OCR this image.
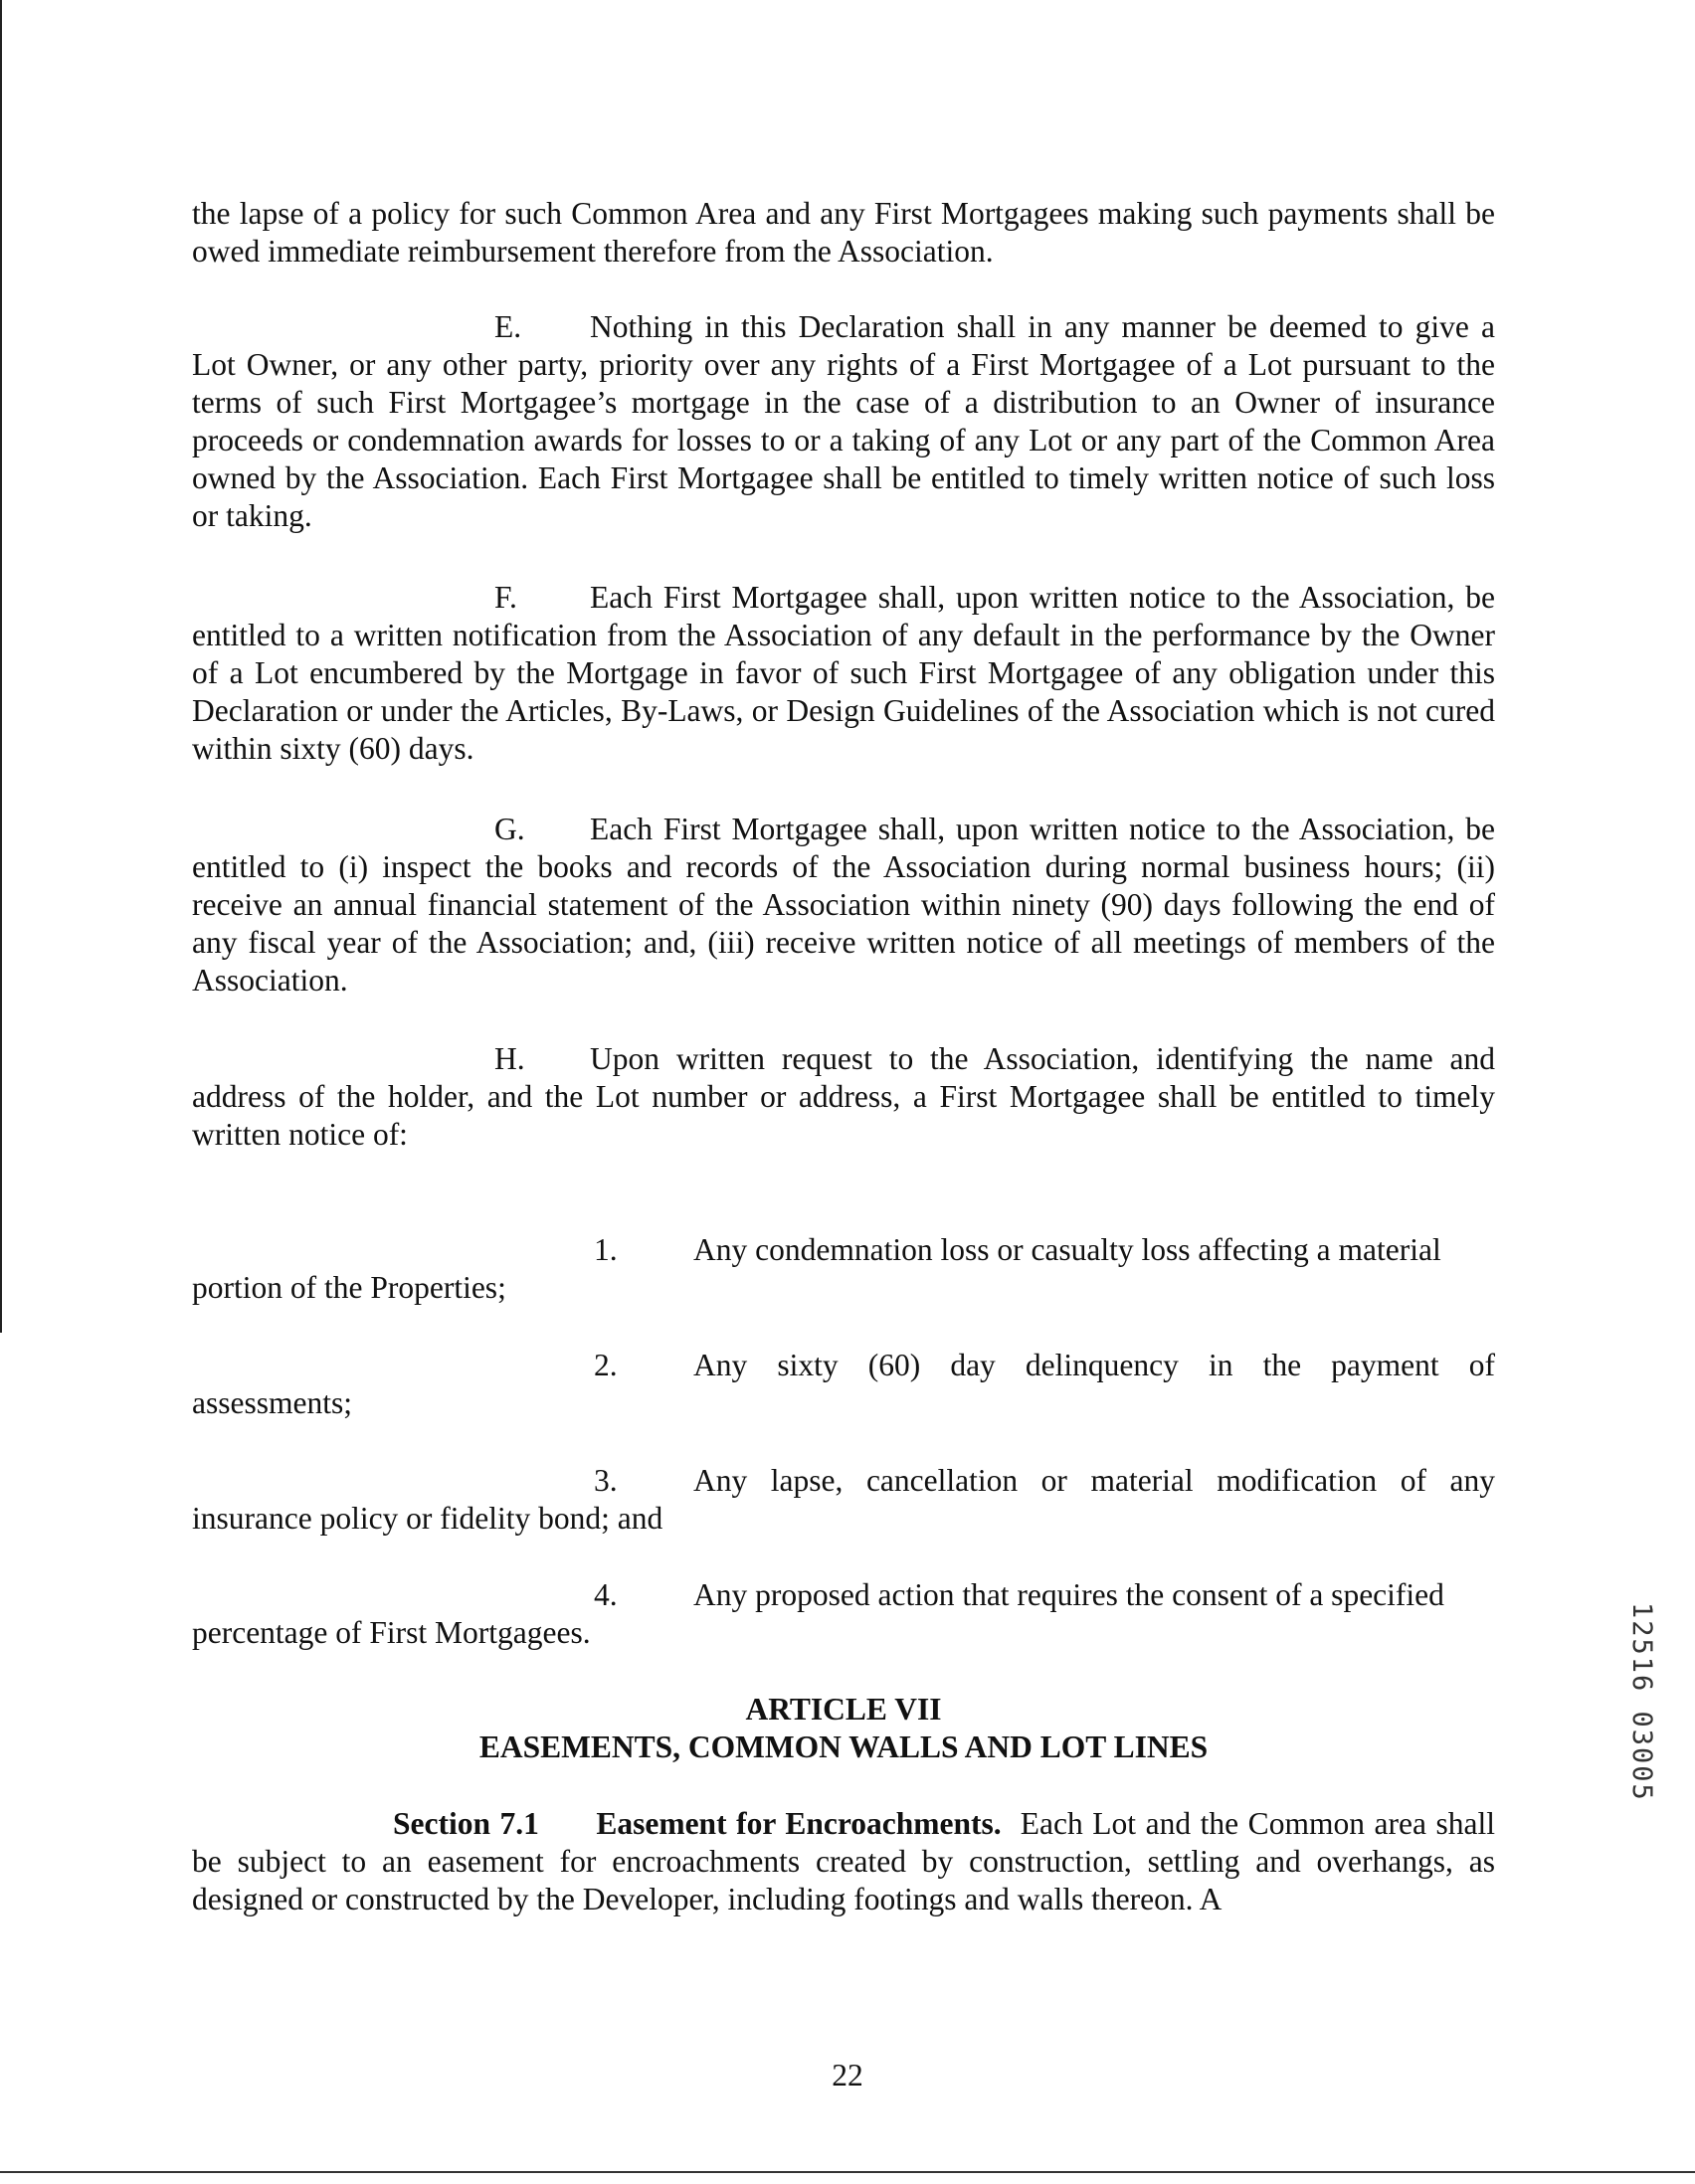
the lapse of a policy for such Common Area and any First Mortgagees making such payments shall be owed immediate reimbursement therefore from the Association.
E. Nothing in this Declaration shall in any manner be deemed to give a Lot Owner, or any other party, priority over any rights of a First Mortgagee of a Lot pursuant to the terms of such First Mortgagee’s mortgage in the case of a distribution to an Owner of insurance proceeds or condemnation awards for losses to or a taking of any Lot or any part of the Common Area owned by the Association. Each First Mortgagee shall be entitled to timely written notice of such loss or taking.
F. Each First Mortgagee shall, upon written notice to the Association, be entitled to a written notification from the Association of any default in the performance by the Owner of a Lot encumbered by the Mortgage in favor of such First Mortgagee of any obligation under this Declaration or under the Articles, By-Laws, or Design Guidelines of the Association which is not cured within sixty (60) days.
G. Each First Mortgagee shall, upon written notice to the Association, be entitled to (i) inspect the books and records of the Association during normal business hours; (ii) receive an annual financial statement of the Association within ninety (90) days following the end of any fiscal year of the Association; and, (iii) receive written notice of all meetings of members of the Association.
H. Upon written request to the Association, identifying the name and address of the holder, and the Lot number or address, a First Mortgagee shall be entitled to timely written notice of:
1. Any condemnation loss or casualty loss affecting a material
portion of the Properties;
2. Any sixty (60) day delinquency in the payment of
assessments;
3. Any lapse, cancellation or material modification of any
insurance policy or fidelity bond; and
4. Any proposed action that requires the consent of a specified
percentage of First Mortgagees.
ARTICLE VII
EASEMENTS, COMMON WALLS AND LOT LINES
Section 7.1 Easement for Encroachments. Each Lot and the Common area shall be subject to an easement for encroachments created by construction, settling and overhangs, as designed or constructed by the Developer, including footings and walls thereon. A
22
12516 03005
